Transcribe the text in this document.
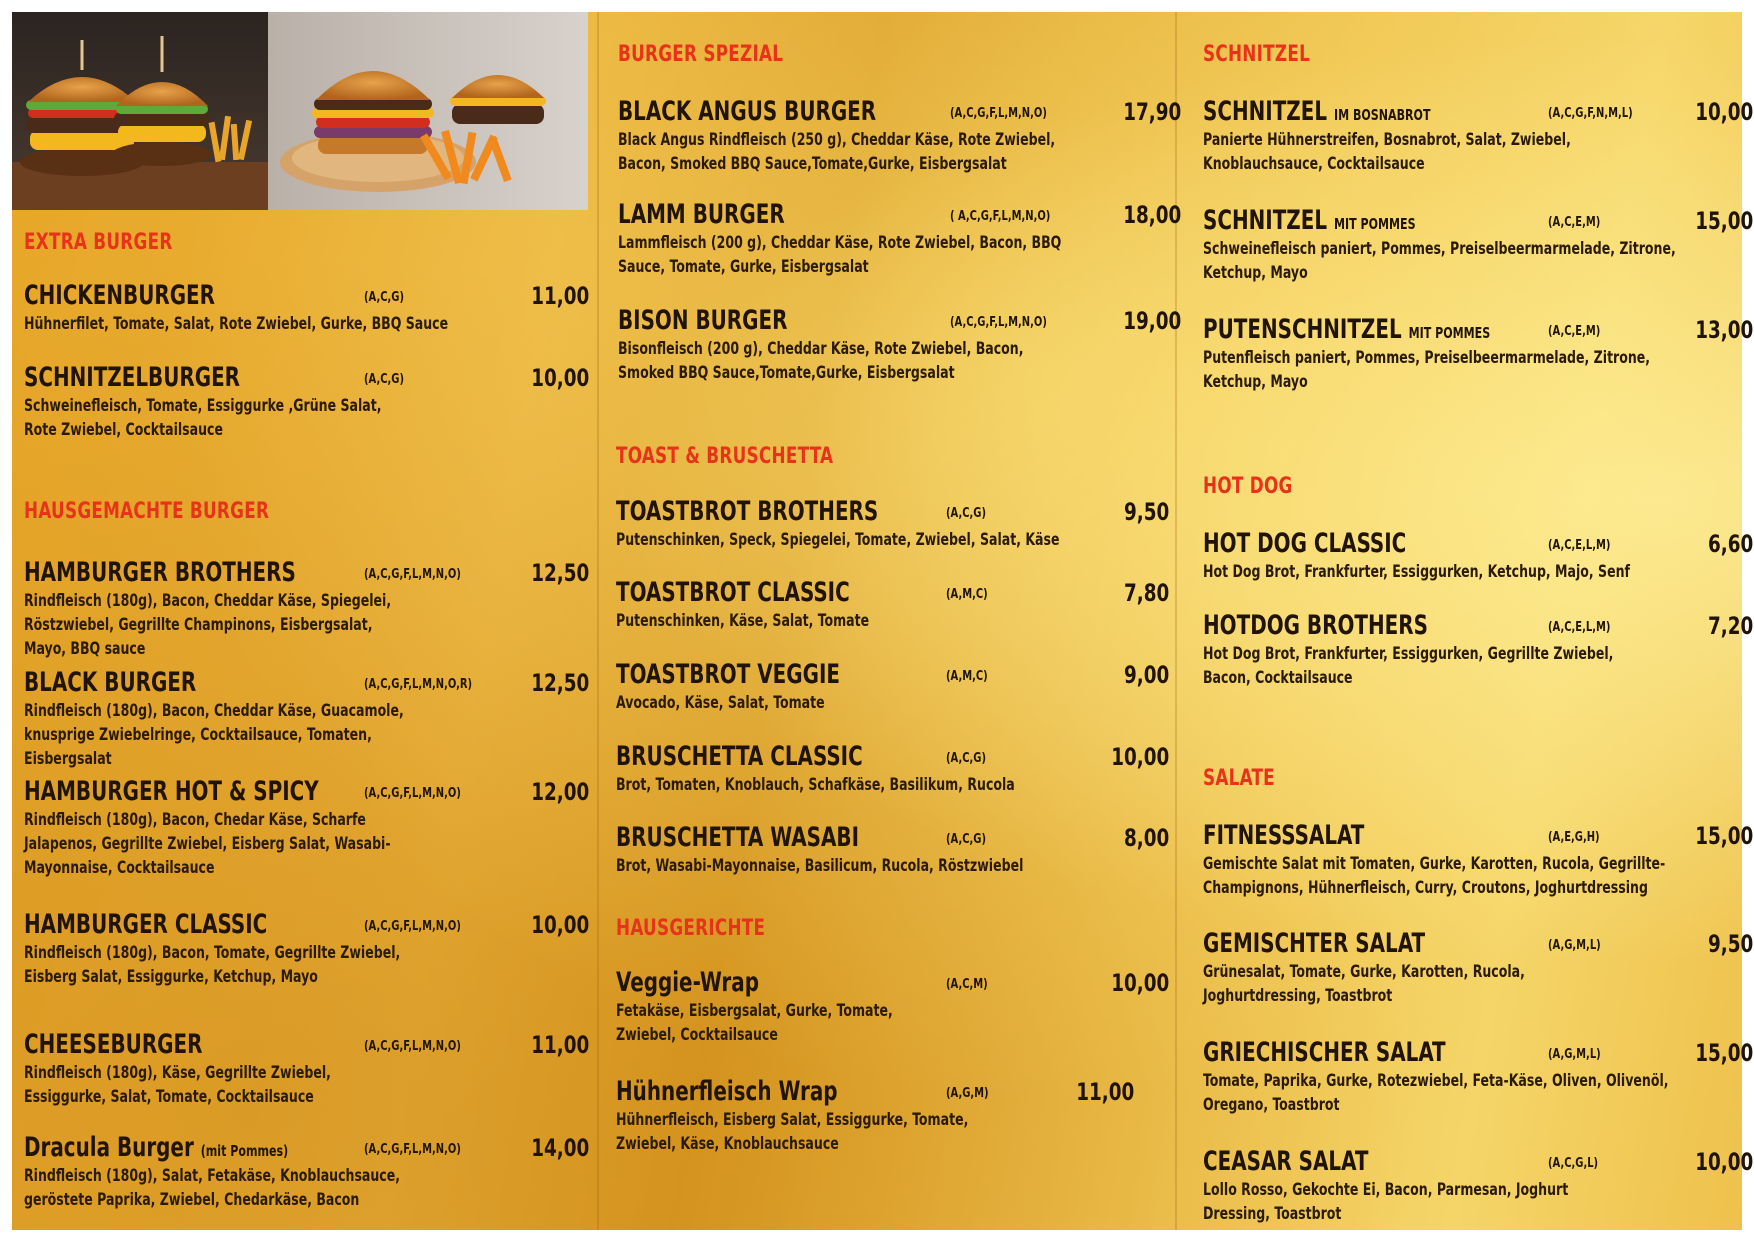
EXTRA BURGER
CHICKENBURGER	(A,C,G)	11,00
Hühnerfilet, Tomate, Salat, Rote Zwiebel, Gurke, BBQ Sauce
SCHNITZELBURGER	(A,C,G)	10,00
Schweinefleisch, Tomate, Essiggurke ,Grüne Salat, Rote Zwiebel, Cocktailsauce
HAUSGEMACHTE BURGER
HAMBURGER BROTHERS	(A,C,G,F,L,M,N,O)	12,50
Rindfleisch (180g), Bacon, Cheddar Käse, Spiegelei, Röstzwiebel, Gegrillte Champinons, Eisbergsalat, Mayo, BBQ sauce
BLACK BURGER	(A,C,G,F,L,M,N,O,R) 12,50
Rindfleisch (180g), Bacon, Cheddar Käse, Guacamole, knusprige Zwiebelringe, Cocktailsauce, Tomaten, Eisbergsalat
HAMBURGER HOT & SPICY	(A,C,G,F,L,M,N,O)	12,00
Rindfleisch (180g), Bacon, Chedar Käse, Scharfe Jalapenos, Gegrillte Zwiebel, Eisberg Salat, Wasabi-Mayonnaise, Cocktailsauce
HAMBURGER CLASSIC	(A,C,G,F,L,M,N,O)	10,00
Rindfleisch (180g), Bacon, Tomate, Gegrillte Zwiebel, Eisberg Salat, Essiggurke, Ketchup, Mayo
CHEESEBURGER	(A,C,G,F,L,M,N,O)	11,00
Rindfleisch (180g), Käse, Gegrillte Zwiebel, Essiggurke, Salat, Tomate, Cocktailsauce
Dracula Burger (mit Pommes)	(A,C,G,F,L,M,N,O)	14,00
Rindfleisch (180g), Salat, Fetakäse, Knoblauchsauce, geröstete Paprika, Zwiebel, Chedarkäse, Bacon
BURGER SPEZIAL
BLACK ANGUS BURGER	(A,C,G,F,L,M,N,O)	17,90
Black Angus Rindfleisch (250 g), Cheddar Käse, Rote Zwiebel, Bacon, Smoked BBQ Sauce,Tomate,Gurke, Eisbergsalat
LAMM BURGER	( A,C,G,F,L,M,N,O)	18,00
Lammfleisch (200 g), Cheddar Käse, Rote Zwiebel, Bacon, BBQ Sauce, Tomate, Gurke, Eisbergsalat
BISON BURGER	(A,C,G,F,L,M,N,O)	19,00
Bisonfleisch (200 g), Cheddar Käse, Rote Zwiebel, Bacon, Smoked BBQ Sauce,Tomate,Gurke, Eisbergsalat
TOAST & BRUSCHETTA
TOASTBROT BROTHERS	(A,C,G)	9,50
Putenschinken, Speck, Spiegelei, Tomate, Zwiebel, Salat, Käse
TOASTBROT CLASSIC	(A,M,C)	7,80
Putenschinken, Käse, Salat, Tomate
TOASTBROT VEGGIE	(A,M,C)	9,00
Avocado, Käse, Salat, Tomate
BRUSCHETTA CLASSIC	(A,C,G)	10,00
Brot, Tomaten, Knoblauch, Schafkäse, Basilikum, Rucola
BRUSCHETTA WASABI	(A,C,G)	8,00
Brot, Wasabi-Mayonnaise, Basilicum, Rucola, Röstzwiebel
HAUSGERICHTE
Veggie-Wrap	(A,C,M)	10,00
Fetakäse, Eisbergsalat, Gurke, Tomate, Zwiebel, Cocktailsauce
Hühnerfleisch Wrap	(A,G,M)	11,00
Hühnerfleisch, Eisberg Salat, Essiggurke, Tomate, Zwiebel, Käse, Knoblauchsauce
SCHNITZEL
SCHNITZEL IM BOSNABROT	(A,C,G,F,N,M,L)	10,00
Panierte Hühnerstreifen, Bosnabrot, Salat, Zwiebel, Knoblauchsauce, Cocktailsauce
SCHNITZEL MIT POMMES	(A,C,E,M)	15,00
Schweinefleisch paniert, Pommes, Preiselbeermarmelade, Zitrone, Ketchup, Mayo
PUTENSCHNITZEL MIT POMMES	(A,C,E,M)	13,00
Putenfleisch paniert, Pommes, Preiselbeermarmelade, Zitrone, Ketchup, Mayo
HOT DOG
HOT DOG CLASSIC	(A,C,E,L,M)	6,60
Hot Dog Brot, Frankfurter, Essiggurken, Ketchup, Majo, Senf
HOTDOG BROTHERS	(A,C,E,L,M)	7,20
Hot Dog Brot, Frankfurter, Essiggurken, Gegrillte Zwiebel, Bacon, Cocktailsauce
SALATE
FITNESSSALAT	(A,E,G,H)	15,00
Gemischte Salat mit Tomaten, Gurke, Karotten, Rucola, Gegrillte-Champignons, Hühnerfleisch, Curry, Croutons, Joghurtdressing
GEMISCHTER SALAT	(A,G,M,L)	9,50
Grünesalat, Tomate, Gurke, Karotten, Rucola, Joghurtdressing, Toastbrot
GRIECHISCHER SALAT	(A,G,M,L)	15,00
Tomate, Paprika, Gurke, Rotezwiebel, Feta-Käse, Oliven, Olivenöl, Oregano, Toastbrot
CEASAR SALAT	(A,C,G,L)	10,00
Lollo Rosso, Gekochte Ei, Bacon, Parmesan, Joghurt Dressing, Toastbrot
